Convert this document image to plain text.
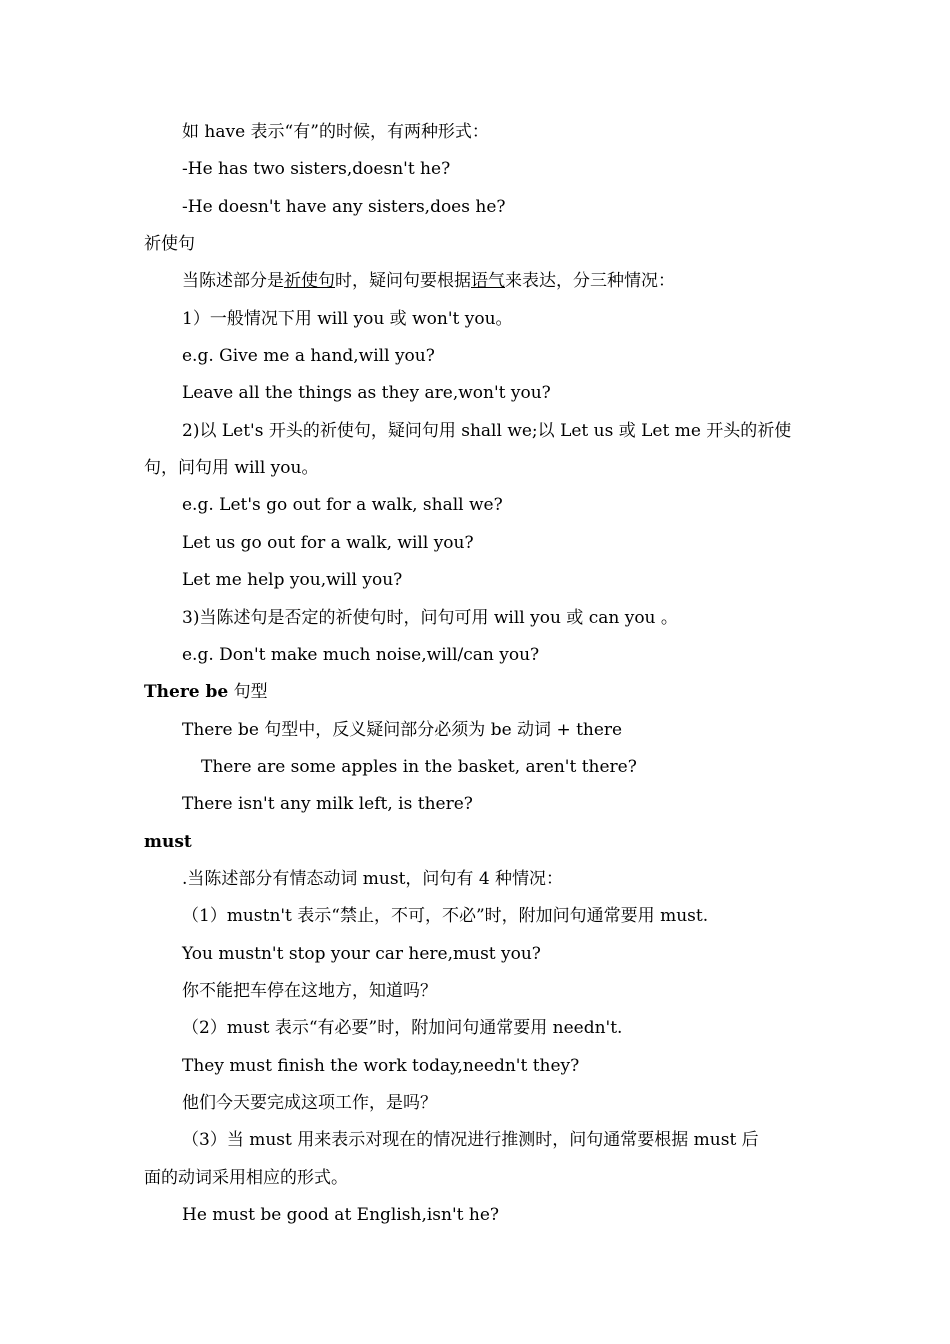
如 have 表示“有”的时候，有两种形式：
-He has two sisters,doesn't he?
-He doesn't have any sisters,does he?
祈使句
当陈述部分是祈使句时，疑问句要根据语气来表达，分三种情况：
1）一般情况下用 will you 或 won't you。
e.g. Give me a hand,will you?
Leave all the things as they are,won't you?
2)以 Let's 开头的祈使句，疑问句用 shall we;以 Let us 或 Let me 开头的祈使
句，问句用 will you。
e.g. Let's go out for a walk, shall we?
Let us go out for a walk, will you?
Let me help you,will you?
3)当陈述句是否定的祈使句时，问句可用 will you 或 can you 。
e.g. Don't make much noise,will/can you?
There be 句型
There be 句型中，反义疑问部分必须为 be 动词 + there
There are some apples in the basket, aren't there?
There isn't any milk left, is there?
must
.当陈述部分有情态动词 must，问句有 4 种情况：
（1）mustn't 表示“禁止，不可，不必”时，附加问句通常要用 must.
You mustn't stop your car here,must you?
你不能把车停在这地方，知道吗？
（2）must 表示“有必要”时，附加问句通常要用 needn't.
They must finish the work today,needn't they?
他们今天要完成这项工作，是吗？
（3）当 must 用来表示对现在的情况进行推测时，问句通常要根据 must 后
面的动词采用相应的形式。
He must be good at English,isn't he?
